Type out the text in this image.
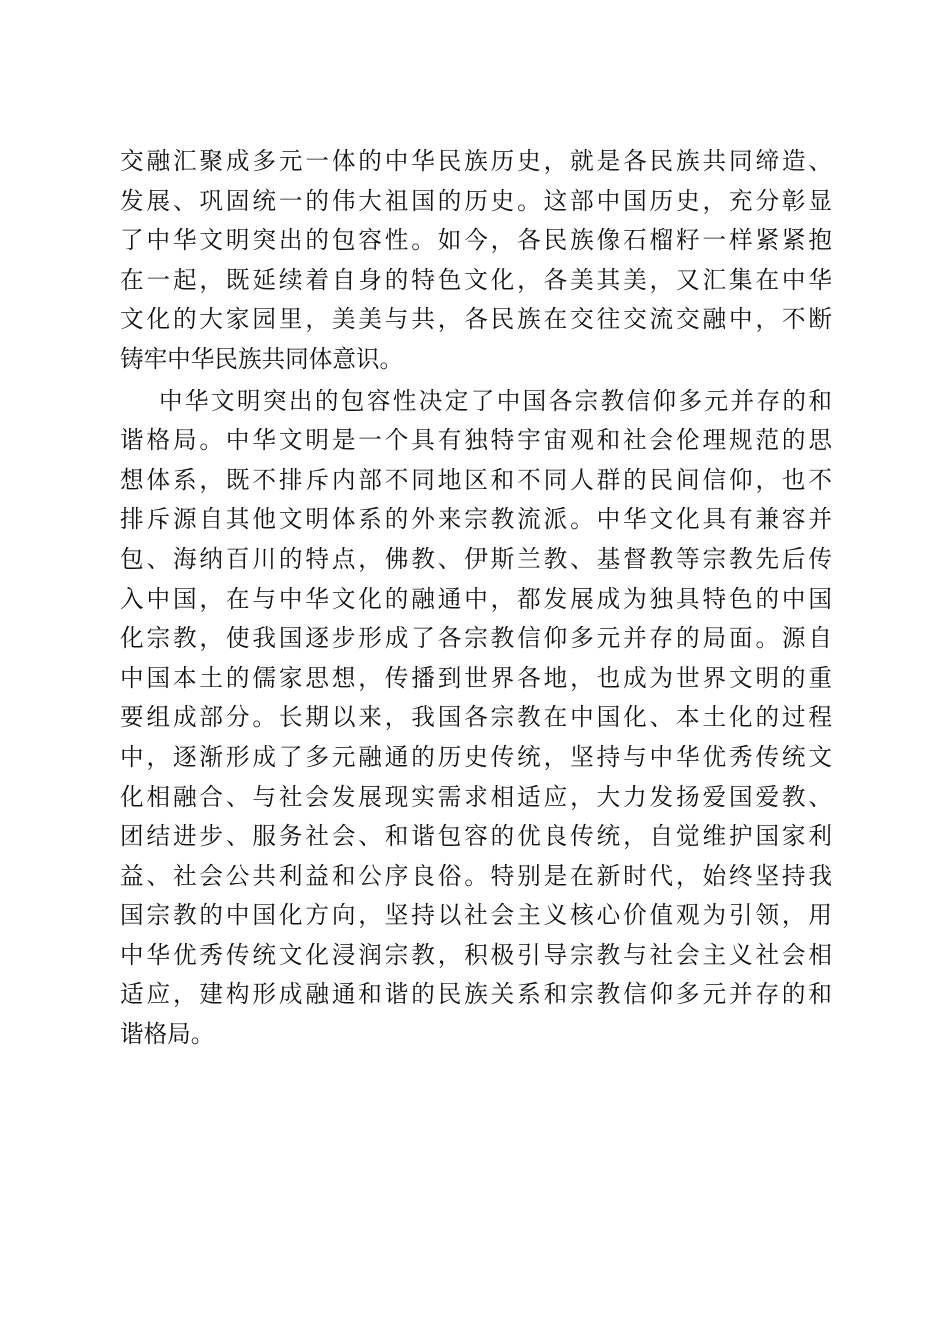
交融汇聚成多元一体的中华民族历史，就是各民族共同缔造、
发展、巩固统一的伟大祖国的历史。这部中国历史，充分彰显
了中华文明突出的包容性。如今，各民族像石榴籽一样紧紧抱
在一起，既延续着自身的特色文化，各美其美，又汇集在中华
文化的大家园里，美美与共，各民族在交往交流交融中，不断
铸牢中华民族共同体意识。
中华文明突出的包容性决定了中国各宗教信仰多元并存的和
谐格局。中华文明是一个具有独特宇宙观和社会伦理规范的思
想体系，既不排斥内部不同地区和不同人群的民间信仰，也不
排斥源自其他文明体系的外来宗教流派。中华文化具有兼容并
包、海纳百川的特点，佛教、伊斯兰教、基督教等宗教先后传
入中国，在与中华文化的融通中，都发展成为独具特色的中国
化宗教，使我国逐步形成了各宗教信仰多元并存的局面。源自
中国本土的儒家思想，传播到世界各地，也成为世界文明的重
要组成部分。长期以来，我国各宗教在中国化、本土化的过程
中，逐渐形成了多元融通的历史传统，坚持与中华优秀传统文
化相融合、与社会发展现实需求相适应，大力发扬爱国爱教、
团结进步、服务社会、和谐包容的优良传统，自觉维护国家利
益、社会公共利益和公序良俗。特别是在新时代，始终坚持我
国宗教的中国化方向，坚持以社会主义核心价值观为引领，用
中华优秀传统文化浸润宗教，积极引导宗教与社会主义社会相
适应，建构形成融通和谐的民族关系和宗教信仰多元并存的和
谐格局。
